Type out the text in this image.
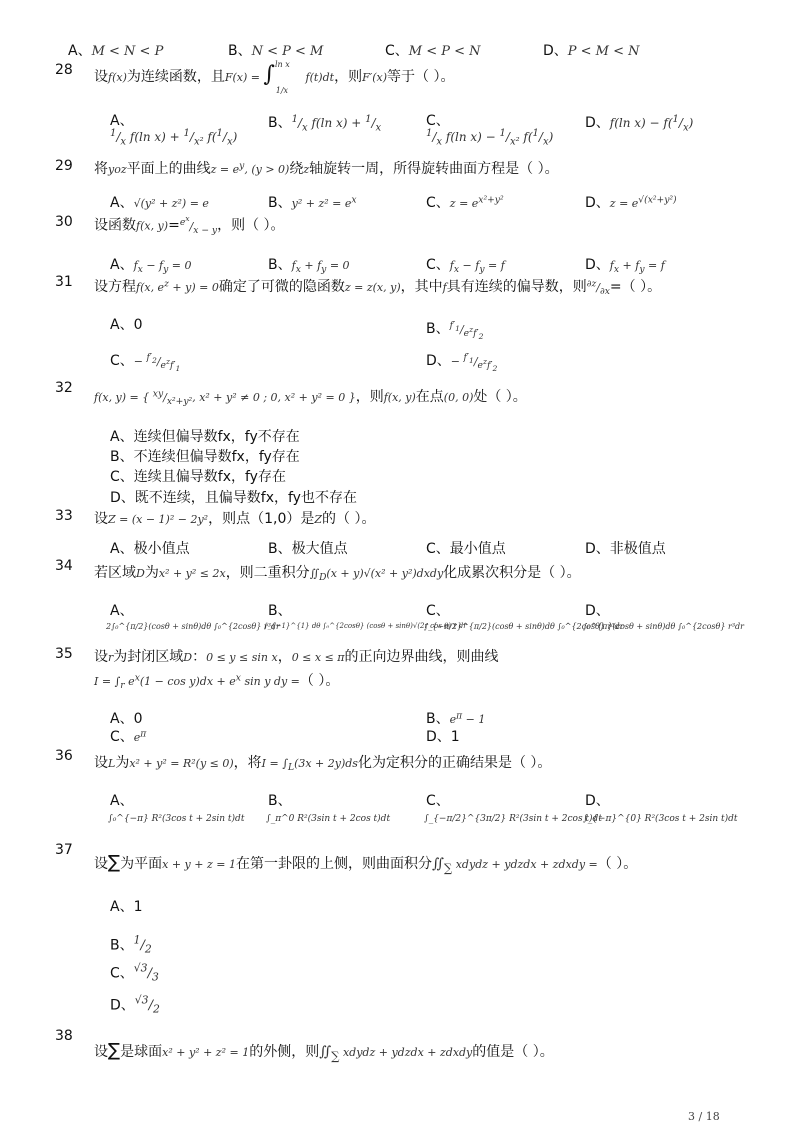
A、M < N < P	B、N < P < M	C、M < P < N	D、P < M < N
28 设f(x)为连续函数，且F(x) = ∫$^{ln x}_{1/x}$ f(t)dt，则F′(x)等于（ ）。
A、
$^1/_x$ f(ln $x) + ^1/_{x^2}$ $f(^1/_x)$
B、$^1/_x$ f(ln $x) + ^1/_x$	C、
$^1/_x$ f(ln $x) - ^1/_{x^2}$ $f(^1/_x)$
D、f(ln $x) - f(^1/_x)$
29 将yoz平面上的曲线$z = e^y$, (y > 0)绕z轴旋转一周，所得旋转曲面方程是（ ）。
A、√(y² + z²) = e	B、$y^2 + z^2 = e^x$	C、$z = e^{x^2+y^2}$	D、$z = e^{√(x^2+y^2)}$
30 设函数f(x, $y)=^{e^x}/_{x - y}$，则（ ）。
A、$f_x - f_y = 0$	B、$f_x + f_y = 0$	C、$f_x - f_y = f$	D、$f_x + f_y = f$
31 设方程f(x, $e^z + y) = 0$确定了可微的隐函数z = z(x, y)，其中f具有连续的偏导数，则$^{\partial z}/_{\partial x}=$（ ）。
A、0	B、$^{f'_1}/_{e^zf'_2}$
C、− $^{f'_2}/_{e^zf'_1}$	D、− $^{f'_1}/_{e^zf'_2}$
32
f(x, y) = { $^{xy}/_{x^2+y^2}$, x² + y² ≠ 0 ; 0, x² + y² = 0 }，则f(x, y)在点(0, 0)处（ ）。
A、连续但偏导数fx，fy不存在
B、不连续但偏导数fx，fy存在
C、连续且偏导数fx，fy存在
D、既不连续，且偏导数fx，fy也不存在
33 设Z = (x − 1)² − 2y²，则点（1,0）是Z的（ ）。
A、极小值点	B、极大值点	C、最小值点	D、非极值点
34 若区域D为x² + y² ≤ 2x，则二重积分$∬_D(x + y)√(x^2$ + y²)dxdy化成累次积分是（ ）。
A、
2∫₀^{π/2}(cosθ + sinθ)dθ ∫₀^{2cosθ} r³dr
B、
∫_{−1}^{1} dθ ∫₀^{2cosθ} (cosθ + sinθ)√(2r cos θ) r dr
C、
∫_{−π/2}^{π/2}(cosθ + sinθ)dθ ∫₀^{2cosθ} r³dr
D、
∫₀^{π}(cosθ + sinθ)dθ ∫₀^{2cosθ} r³dr
35 设r为封闭区域D：0 ≤ y ≤ sin x，0 ≤ x ≤ π的正向边界曲线，则曲线
$I = \int_r$ $e^x(1 - \cos y)dx + e^x$ sin y dy =（ ）。
A、0	B、$e^\pi - 1$
C、$e^\pi$	D、1
36 设L为x² + y² = R²(y ≤ 0)，将$I = \int_L(3x + 2y)ds$化为定积分的正确结果是（ ）。
A、
∫₀^{−π} R²(3cos t + 2sin t)dt
B、
∫_π^0 R²(3sin t + 2cos t)dt
C、
∫_{−π/2}^{3π/2} R²(3sin t + 2cos t)dt
D、
∫_{−π}^{0} R²(3cos t + 2sin t)dt
37
设∑为平面x + y + z = 1在第一卦限的上侧，则曲面积分$∬_\sum$ xdydz + ydzdx + zdxdy =（ ）。
A、1
B、$^1/_2$
C、$^{√3}/_3$
D、$^{√3}/_2$
38
设∑是球面x² + y² + z² = 1的外侧，则$∬_\sum$ xdydz + ydzdx + zdxdy的值是（ ）。
3 / 18
